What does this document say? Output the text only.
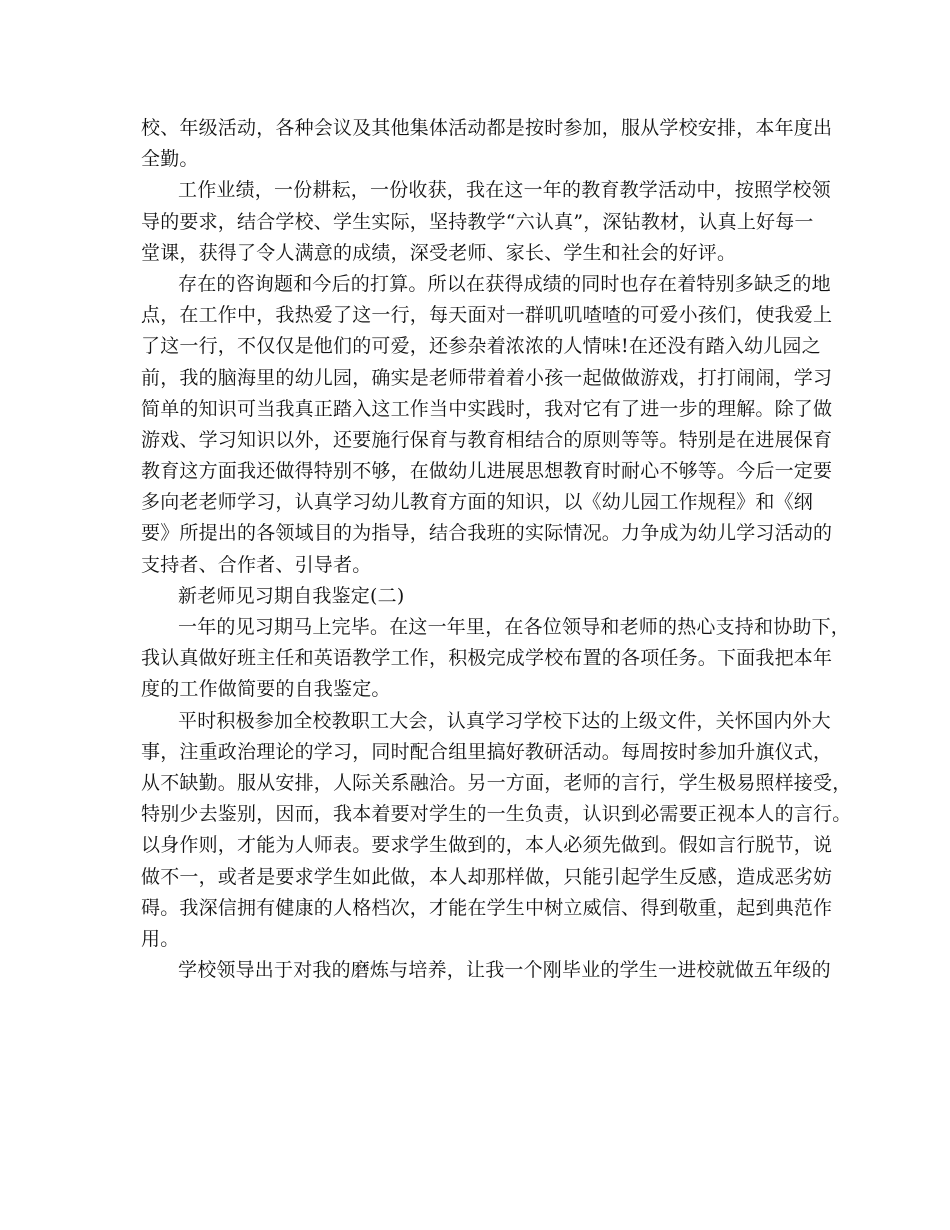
校、年级活动，各种会议及其他集体活动都是按时参加，服从学校安排，本年度出
全勤。
工作业绩，一份耕耘，一份收获，我在这一年的教育教学活动中，按照学校领
导的要求，结合学校、学生实际，坚持教学“六认真”，深钻教材，认真上好每一
堂课，获得了令人满意的成绩，深受老师、家长、学生和社会的好评。
存在的咨询题和今后的打算。所以在获得成绩的同时也存在着特别多缺乏的地
点，在工作中，我热爱了这一行，每天面对一群叽叽喳喳的可爱小孩们，使我爱上
了这一行，不仅仅是他们的可爱，还参杂着浓浓的人情味!在还没有踏入幼儿园之
前，我的脑海里的幼儿园，确实是老师带着着小孩一起做做游戏，打打闹闹，学习
简单的知识可当我真正踏入这工作当中实践时，我对它有了进一步的理解。除了做
游戏、学习知识以外，还要施行保育与教育相结合的原则等等。特别是在进展保育
教育这方面我还做得特别不够，在做幼儿进展思想教育时耐心不够等。今后一定要
多向老老师学习，认真学习幼儿教育方面的知识，以《幼儿园工作规程》和《纲
要》所提出的各领域目的为指导，结合我班的实际情况。力争成为幼儿学习活动的
支持者、合作者、引导者。
新老师见习期自我鉴定(二)
一年的见习期马上完毕。在这一年里，在各位领导和老师的热心支持和协助下，
我认真做好班主任和英语教学工作，积极完成学校布置的各项任务。下面我把本年
度的工作做简要的自我鉴定。
平时积极参加全校教职工大会，认真学习学校下达的上级文件，关怀国内外大
事，注重政治理论的学习，同时配合组里搞好教研活动。每周按时参加升旗仪式，
从不缺勤。服从安排，人际关系融洽。另一方面，老师的言行，学生极易照样接受，
特别少去鉴别，因而，我本着要对学生的一生负责，认识到必需要正视本人的言行。
以身作则，才能为人师表。要求学生做到的，本人必须先做到。假如言行脱节，说
做不一，或者是要求学生如此做，本人却那样做，只能引起学生反感，造成恶劣妨
碍。我深信拥有健康的人格档次，才能在学生中树立威信、得到敬重，起到典范作
用。
学校领导出于对我的磨炼与培养，让我一个刚毕业的学生一进校就做五年级的
